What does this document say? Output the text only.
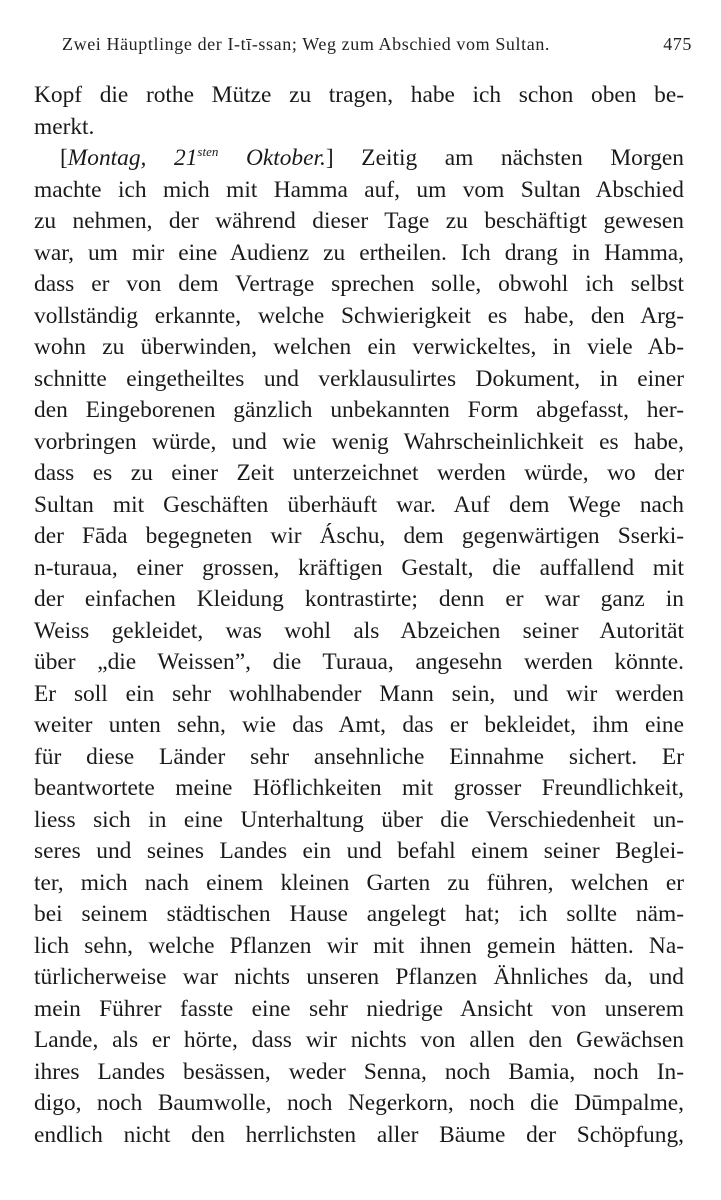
Zwei Häuptlinge der I-tī-ssan; Weg zum Abschied vom Sultan.	475
Kopf die rothe Mütze zu tragen, habe ich schon oben be-
merkt.
[Montag, $21^{sten}$ Oktober.] Zeitig am nächsten Morgen
machte ich mich mit Hamma auf, um vom Sultan Abschied
zu nehmen, der während dieser Tage zu beschäftigt gewesen
war, um mir eine Audienz zu ertheilen. Ich drang in Hamma,
dass er von dem Vertrage sprechen solle, obwohl ich selbst
vollständig erkannte, welche Schwierigkeit es habe, den Arg-
wohn zu überwinden, welchen ein verwickeltes, in viele Ab-
schnitte eingetheiltes und verklausulirtes Dokument, in einer
den Eingeborenen gänzlich unbekannten Form abgefasst, her-
vorbringen würde, und wie wenig Wahrscheinlichkeit es habe,
dass es zu einer Zeit unterzeichnet werden würde, wo der
Sultan mit Geschäften überhäuft war. Auf dem Wege nach
der Fāda begegneten wir Áschu, dem gegenwärtigen Sserki-
n-turaua, einer grossen, kräftigen Gestalt, die auffallend mit
der einfachen Kleidung kontrastirte; denn er war ganz in
Weiss gekleidet, was wohl als Abzeichen seiner Autorität
über „die Weissen”, die Turaua, angesehn werden könnte.
Er soll ein sehr wohlhabender Mann sein, und wir werden
weiter unten sehn, wie das Amt, das er bekleidet, ihm eine
für diese Länder sehr ansehnliche Einnahme sichert. Er
beantwortete meine Höflichkeiten mit grosser Freundlichkeit,
liess sich in eine Unterhaltung über die Verschiedenheit un-
seres und seines Landes ein und befahl einem seiner Beglei-
ter, mich nach einem kleinen Garten zu führen, welchen er
bei seinem städtischen Hause angelegt hat; ich sollte näm-
lich sehn, welche Pflanzen wir mit ihnen gemein hätten. Na-
türlicherweise war nichts unseren Pflanzen Ähnliches da, und
mein Führer fasste eine sehr niedrige Ansicht von unserem
Lande, als er hörte, dass wir nichts von allen den Gewächsen
ihres Landes besässen, weder Senna, noch Bamia, noch In-
digo, noch Baumwolle, noch Negerkorn, noch die Dūmpalme,
endlich nicht den herrlichsten aller Bäume der Schöpfung,
